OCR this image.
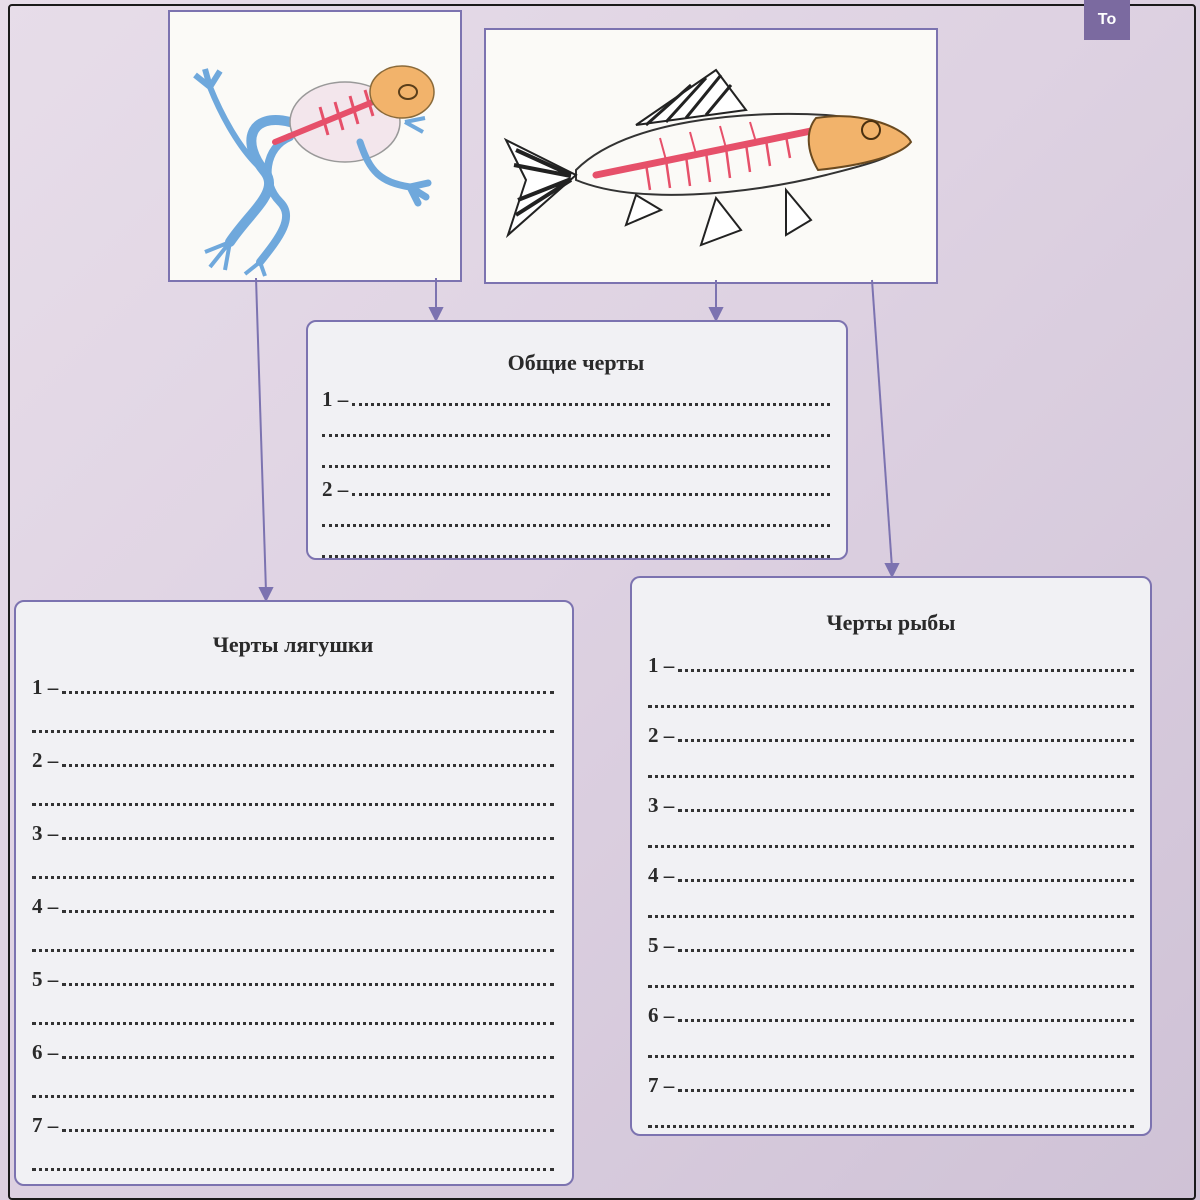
То
Общие черты
1 –
2 –
Черты лягушки
1 –
2 –
3 –
4 –
5 –
6 –
7 –
Черты рыбы
1 –
2 –
3 –
4 –
5 –
6 –
7 –
